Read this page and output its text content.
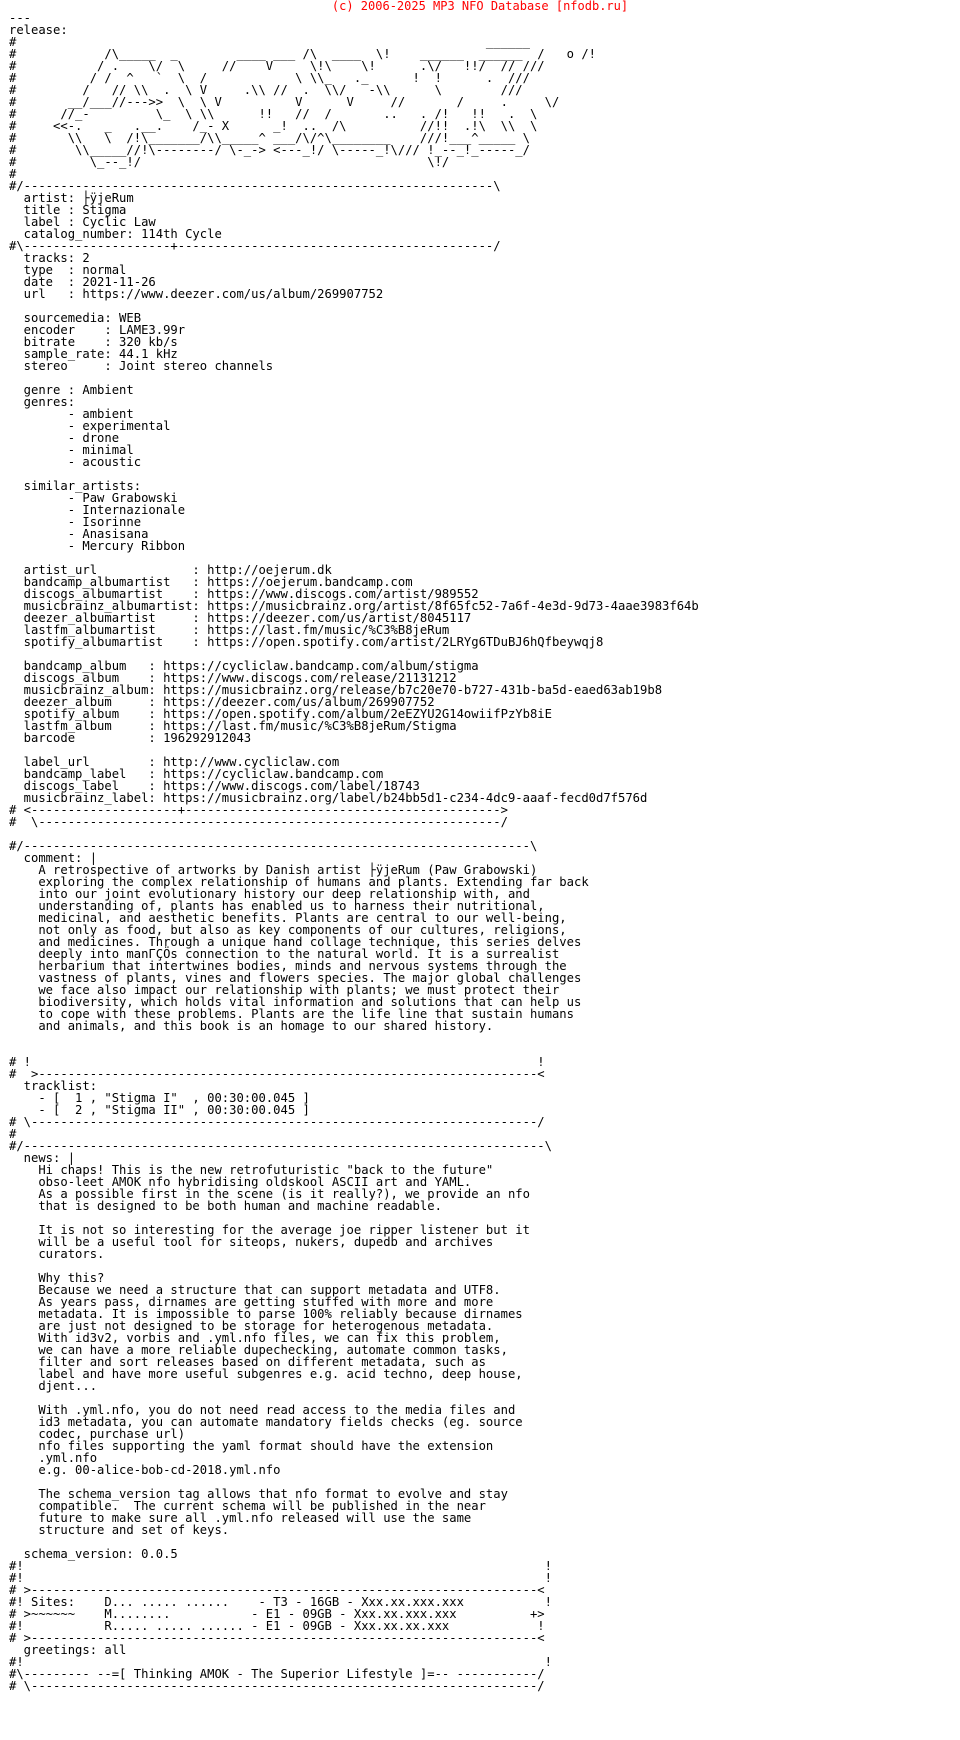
(c) 2006-2025 MP3 NFO Database [nfodb.ru]
---
release:
#                                                                ______
#            /\_____  _        ____ ___ /\  ____  \!    ______  ______  /   o /!
#           / .    \/  \     //    V     \!\    \!      .\/   !!/  // ///
#          / /  ^   `  \  /            \ \\_   ._      !  !      .  ///
#         /   // \\  .  \ V     .\\ //  .  \\/   -\\      \        ///
#       __/___//--->>  \  \ V          V      V     //       /     .     \/
#      //_-         \_  \ \\      !!   //  /       ..   . /!   !!   .  \
#     <<-.   _   .__.    /_- X      _!  ..  /\          //!!  .!\  \\  \
#       \\   \  /!\_______/\\_____^ ___/\/^\________    ///!___^_____ \
#        \\_____//!\--------/ \-_-> <---_!/ \-----_!\/// !_--_!_-----_/
#          \_--_!/                                       \!/
#
#/----------------------------------------------------------------\
artist: ├ÿjeRum
title : Stigma
label : Cyclic Law
catalog_number: 114th Cycle
#\--------------------+-------------------------------------------/
tracks: 2
type  : normal
date  : 2021-11-26
url   : https://www.deezer.com/us/album/269907752

sourcemedia: WEB
encoder    : LAME3.99r
bitrate    : 320 kb/s
sample_rate: 44.1 kHz
stereo     : Joint stereo channels

genre : Ambient
genres:
- ambient
- experimental
- drone
- minimal
- acoustic

similar_artists:
- Paw Grabowski
- Internazionale
- Isorinne
- Anasisana
- Mercury Ribbon

artist_url             : http://oejerum.dk
bandcamp_albumartist   : https://oejerum.bandcamp.com
discogs_albumartist    : https://www.discogs.com/artist/989552
musicbrainz_albumartist: https://musicbrainz.org/artist/8f65fc52-7a6f-4e3d-9d73-4aae3983f64b
deezer_albumartist     : https://deezer.com/us/artist/8045117
lastfm_albumartist     : https://last.fm/music/%C3%B8jeRum
spotify_albumartist    : https://open.spotify.com/artist/2LRYg6TDuBJ6hQfbeywqj8

bandcamp_album   : https://cycliclaw.bandcamp.com/album/stigma
discogs_album    : https://www.discogs.com/release/21131212
musicbrainz_album: https://musicbrainz.org/release/b7c20e70-b727-431b-ba5d-eaed63ab19b8
deezer_album     : https://deezer.com/us/album/269907752
spotify_album    : https://open.spotify.com/album/2eEZYU2G14owiifPzYb8iE
lastfm_album     : https://last.fm/music/%C3%B8jeRum/Stigma
barcode          : 196292912043

label_url        : http://www.cycliclaw.com
bandcamp_label   : https://cycliclaw.bandcamp.com
discogs_label    : https://www.discogs.com/label/18743
musicbrainz_label: https://musicbrainz.org/label/b24bb5d1-c234-4dc9-aaaf-fecd0d7f576d
# <--------------------+------------------------------------------->
#  \---------------------------------------------------------------/

#/---------------------------------------------------------------------\
comment: |
A retrospective of artworks by Danish artist ├ÿjeRum (Paw Grabowski)
exploring the complex relationship of humans and plants. Extending far back
into our joint evolutionary history our deep relationship with, and
understanding of, plants has enabled us to harness their nutritional,
medicinal, and aesthetic benefits. Plants are central to our well-being,
not only as food, but also as key components of our cultures, religions,
and medicines. Through a unique hand collage technique, this series delves
deeply into manΓÇÖs connection to the natural world. It is a surrealist
herbarium that intertwines bodies, minds and nervous systems through the
vastness of plants, vines and flowers species. The major global challenges
we face also impact our relationship with plants; we must protect their
biodiversity, which holds vital information and solutions that can help us
to cope with these problems. Plants are the life line that sustain humans
and animals, and this book is an homage to our shared history.

# !                                                                     !
#  >--------------------------------------------------------------------<
tracklist:
- [  1 , "Stigma I"  , 00:30:00.045 ]
- [  2 , "Stigma II" , 00:30:00.045 ]
# \---------------------------------------------------------------------/
#
#/-----------------------------------------------------------------------\
news: |
Hi chaps! This is the new retrofuturistic "back to the future"
obso-leet AMOK nfo hybridising oldskool ASCII art and YAML.
As a possible first in the scene (is it really?), we provide an nfo
that is designed to be both human and machine readable.

It is not so interesting for the average joe ripper listener but it
will be a useful tool for siteops, nukers, dupedb and archives
curators.

Why this?
Because we need a structure that can support metadata and UTF8.
As years pass, dirnames are getting stuffed with more and more
metadata. It is impossible to parse 100% reliably because dirnames
are just not designed to be storage for heterogenous metadata.
With id3v2, vorbis and .yml.nfo files, we can fix this problem,
we can have a more reliable dupechecking, automate common tasks,
filter and sort releases based on different metadata, such as
label and have more useful subgenres e.g. acid techno, deep house,
djent...

With .yml.nfo, you do not need read access to the media files and
id3 metadata, you can automate mandatory fields checks (eg. source
codec, purchase url)
nfo files supporting the yaml format should have the extension
.yml.nfo
e.g. 00-alice-bob-cd-2018.yml.nfo

The schema_version tag allows that nfo format to evolve and stay
compatible.  The current schema will be published in the near
future to make sure all .yml.nfo released will use the same
structure and set of keys.

schema_version: 0.0.5
#!                                                                       !
#!                                                                       !
# >---------------------------------------------------------------------<
#! Sites:    D... ..... ......    - T3 - 16GB - Xxx.xx.xxx.xxx           !
# >~~~~~~    M........           - E1 - 09GB - Xxx.xx.xxx.xxx          +>
#!           R..... ..... ...... - E1 - 09GB - Xxx.xx.xx.xxx            !
# >---------------------------------------------------------------------<
greetings: all
#!                                                                       !
#\--------- --=[ Thinking AMOK - The Superior Lifestyle ]=-- -----------/
# \---------------------------------------------------------------------/
